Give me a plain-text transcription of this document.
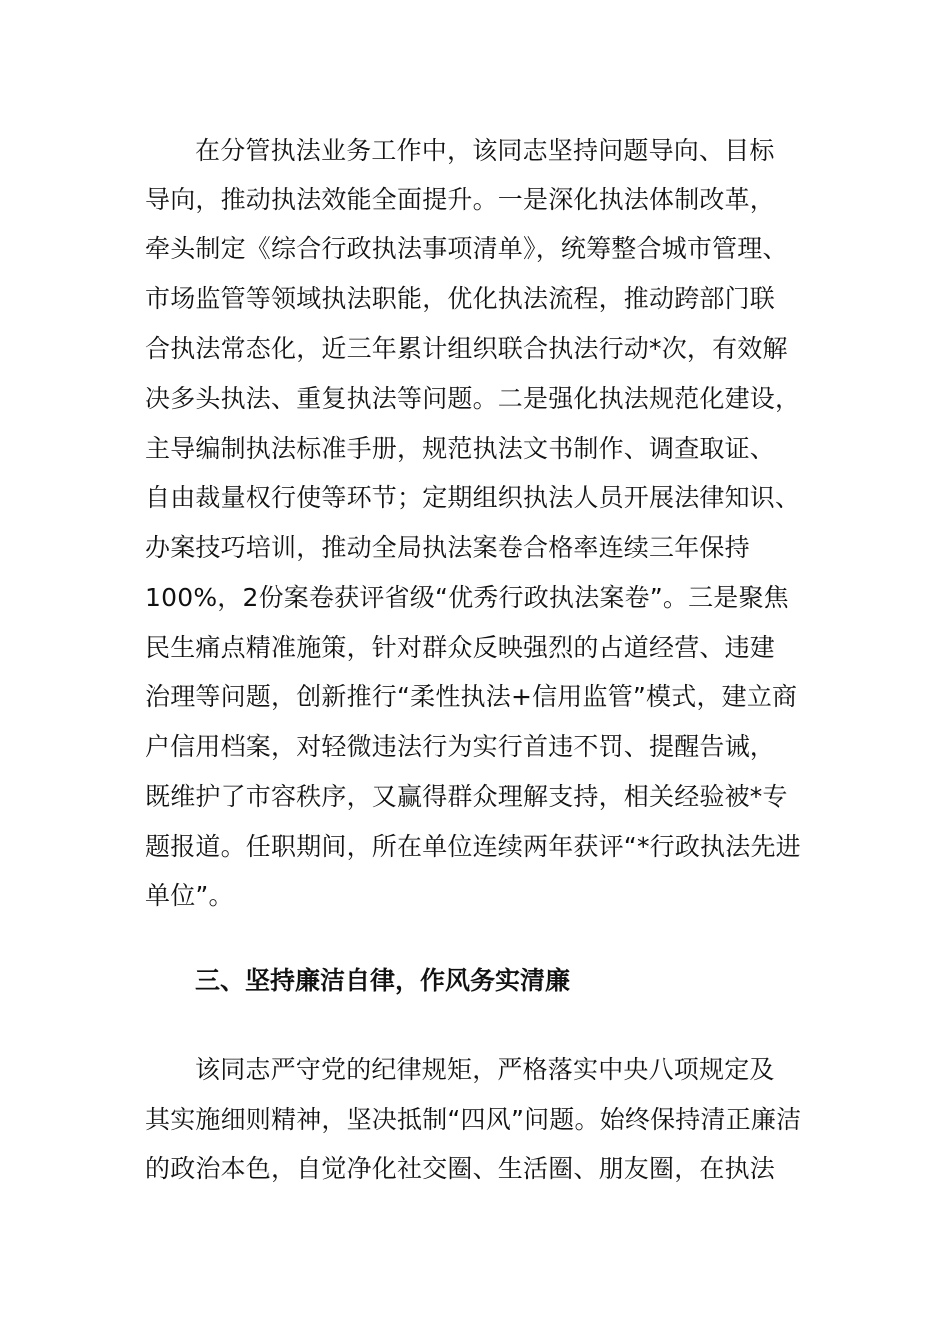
在分管执法业务工作中，该同志坚持问题导向、目标
导向，推动执法效能全面提升。一是深化执法体制改革，
牵头制定《综合行政执法事项清单》，统筹整合城市管理、
市场监管等领域执法职能，优化执法流程，推动跨部门联
合执法常态化，近三年累计组织联合执法行动*次，有效解
决多头执法、重复执法等问题。二是强化执法规范化建设，
主导编制执法标准手册，规范执法文书制作、调查取证、
自由裁量权行使等环节；定期组织执法人员开展法律知识、
办案技巧培训，推动全局执法案卷合格率连续三年保持
100%，2份案卷获评省级“优秀行政执法案卷”。三是聚焦
民生痛点精准施策，针对群众反映强烈的占道经营、违建
治理等问题，创新推行“柔性执法+信用监管”模式，建立商
户信用档案，对轻微违法行为实行首违不罚、提醒告诫，
既维护了市容秩序，又赢得群众理解支持，相关经验被*专
题报道。任职期间，所在单位连续两年获评“*行政执法先进
单位”。
三、坚持廉洁自律，作风务实清廉
该同志严守党的纪律规矩，严格落实中央八项规定及
其实施细则精神，坚决抵制“四风”问题。始终保持清正廉洁
的政治本色，自觉净化社交圈、生活圈、朋友圈，在执法
